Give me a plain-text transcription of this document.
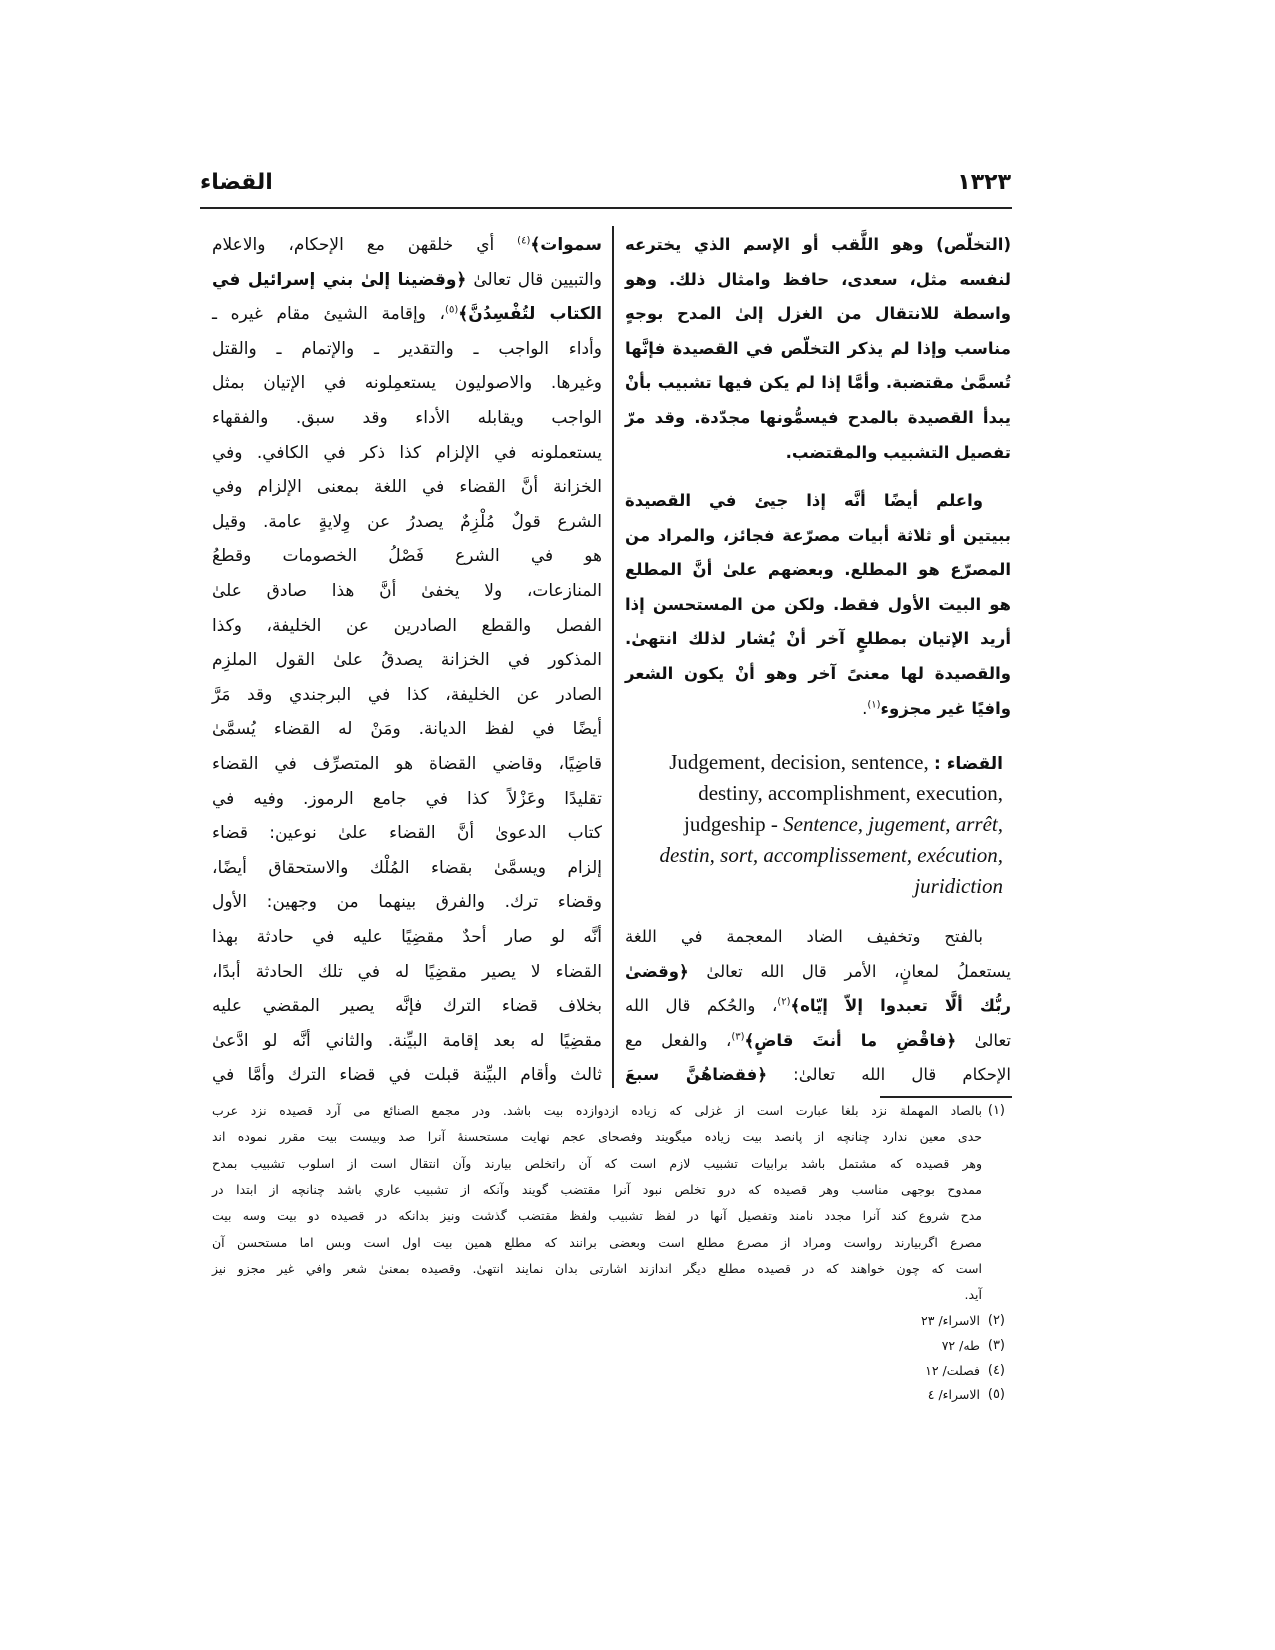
القضاء	١٣٢٣
سموات﴾$^{(٤)}$ أي خلقهن مع الإحكام، والاعلام
والتبيين قال تعالىٰ ﴿وقضينا إلىٰ بني إسرائيل في
الكتاب لتُفْسِدُنَّ﴾$^{(٥)}$، وإقامة الشيئ مقام غيره ـ
وأداء الواجب ـ والتقدير ـ والإتمام ـ والقتل
وغيرها. والاصوليون يستعمِلونه في الإتيان بمثل
الواجب ويقابله الأداء وقد سبق. والفقهاء
يستعملونه في الإلزام كذا ذكر في الكافي. وفي
الخزانة أنَّ القضاء في اللغة بمعنى الإلزام وفي
الشرع قولٌ مُلْزِمٌ يصدرُ عن وِلايةٍ عامة. وقيل
هو في الشرع فَصْلُ الخصومات وقطعُ
المنازعات، ولا يخفىٰ أنَّ هذا صادق علىٰ
الفصل والقطع الصادرين عن الخليفة، وكذا
المذكور في الخزانة يصدقُ علىٰ القول الملزِم
الصادر عن الخليفة، كذا في البرجندي وقد مَرَّ
أيضًا في لفظ الديانة. ومَنْ له القضاء يُسمَّىٰ
قاضِيًا، وقاضي القضاة هو المتصرِّف في القضاء
تقليدًا وعَزْلاً كذا في جامع الرموز. وفيه في
كتاب الدعوىٰ أنَّ القضاء علىٰ نوعين: قضاء
إلزام ويسمَّىٰ بقضاء المُلْك والاستحقاق أيضًا،
وقضاء ترك. والفرق بينهما من وجهين: الأول
أنَّه لو صار أحدٌ مقضِيًا عليه في حادثة بهذا
القضاء لا يصير مقضِيًا له في تلك الحادثة أبدًا،
بخلاف قضاء الترك فإنَّه يصير المقضي عليه
مقضِيًا له بعد إقامة البيِّنة. والثاني أنَّه لو ادَّعىٰ
ثالث وأقام البيِّنة قبلت في قضاء الترك وأمَّا في
(التخلّص) وهو اللَّقب أو الإسم الذي يخترعه
لنفسه مثل، سعدى، حافظ وامثال ذلك. وهو
واسطة للانتقال من الغزل إلىٰ المدح بوجهٍ
مناسب وإذا لم يذكر التخلّص في القصيدة فإنَّها
تُسمَّىٰ مقتضبة. وأمَّا إذا لم يكن فيها تشبيب بأنْ
يبدأ القصيدة بالمدح فيسمُّونها مجدّدة. وقد مرّ
تفصيل التشبيب والمقتضب.
واعلم أيضًا أنَّه إذا جيئ في القصيدة
ببيتين أو ثلاثة أبيات مصرّعة فجائز، والمراد من
المصرّع هو المطلع. وبعضهم علىٰ أنَّ المطلع
هو البيت الأول فقط. ولكن من المستحسن إذا
أريد الإتيان بمطلعٍ آخر أنْ يُشار لذلك انتهىٰ.
والقصيدة لها معنىً آخر وهو أنْ يكون الشعر
وافيًا غير مجزوء$^{(١)}$.
Judgement, decision, sentence, القضاء :
destiny, accomplishment, execution,
judgeship - Sentence, jugement, arrêt,
destin, sort, accomplissement, exécution,
juridiction
بالفتح وتخفيف الضاد المعجمة في اللغة
يستعملُ لمعانٍ، الأمر قال الله تعالىٰ ﴿وقضىٰ
ربُّك ألَّا تعبدوا إلاّ إيّاه﴾$^{(٢)}$، والحُكم قال الله
تعالىٰ ﴿فاقْضِ ما أنتَ قاضٍ﴾$^{(٣)}$، والفعل مع
الإحكام قال الله تعالىٰ: ﴿فقضاهُنَّ سبعَ
(١)
بالصاد المهملة نزد بلغا عبارت است از غزلى كه زياده ازدوازده بيت باشد. ودر مجمع الصنائع مى آرد قصيده نزد عرب
حدى معين ندارد چنانچه از پانصد بيت زياده ميگويند وفصحاى عجم نهايت مستحسنهٔ آنرا صد وبيست بيت مقرر نموده اند
وهر قصيده كه مشتمل باشد برابيات تشبيب لازم است كه آن راتخلص بيارند وآن انتقال است از اسلوب تشبيب بمدح
ممدوح بوجهى مناسب وهر قصيده كه درو تخلص نبود آنرا مقتضب گويند وآنكه از تشبيب عاري باشد چنانچه از ابتدا در
مدح شروع كند آنرا مجدد نامند وتفصيل آنها در لفظ تشبيب ولفظ مقتضب گذشت ونيز بدانكه در قصيده دو بيت وسه بيت
مصرع اگربيارند رواست ومراد از مصرع مطلع است وبعضى برانند كه مطلع همين بيت اول است وبس اما مستحسن آن
است كه چون خواهند كه در قصيده مطلع ديگر اندازند اشارتى بدان نمايند انتهىٰ. وقصيده بمعنىٰ شعر وافي غير مجزو نيز
آيد.
(٢)
الاسراء/ ٢٣
(٣)
طه/ ٧٢
(٤)
فصلت/ ١٢
(٥)
الاسراء/ ٤
